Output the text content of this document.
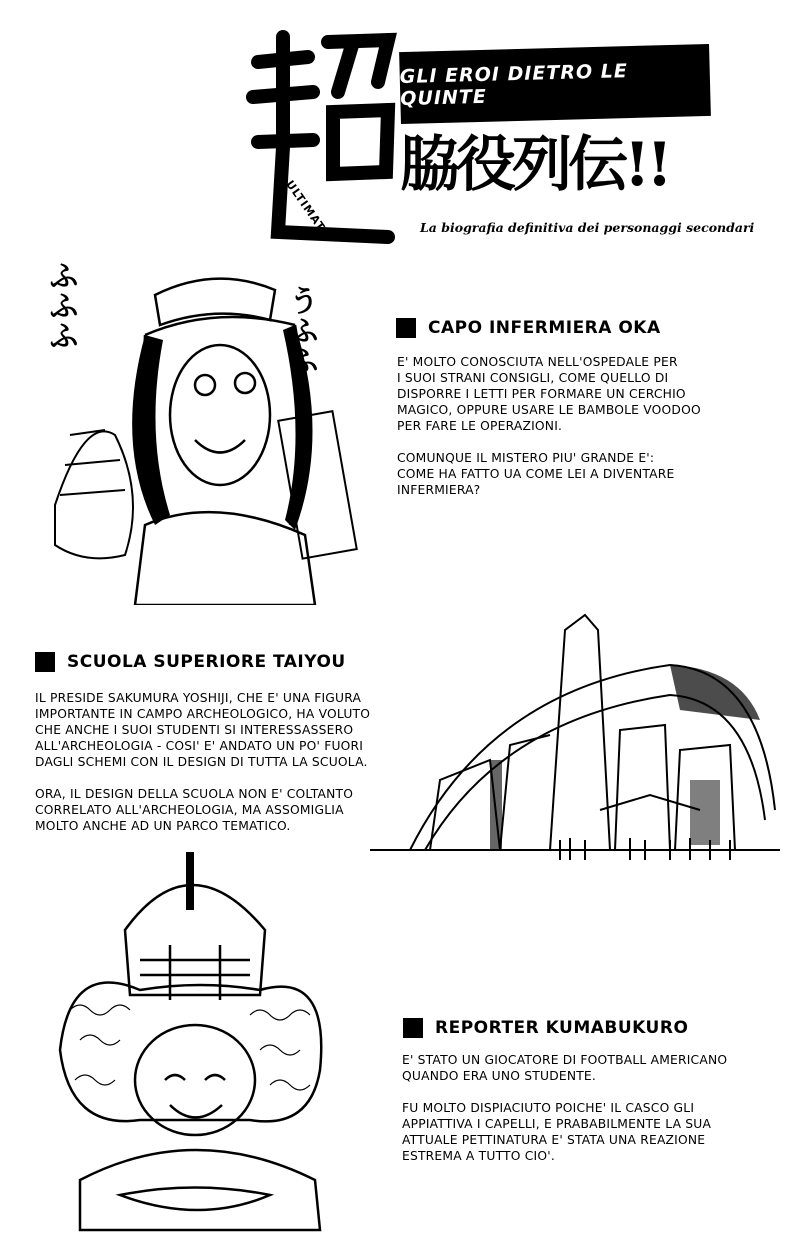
GLI EROI DIETRO LE QUINTE
脇役列伝!!
ULTIMATE	La biografia definitiva dei personaggi secondari
ふふふ	うふふ	CAPO INFERMIERA OKA

E' MOLTO CONOSCIUTA NELL'OSPEDALE PER

I SUOI STRANI CONSIGLI, COME QUELLO DI

DISPORRE I LETTI PER FORMARE UN CERCHIO

MAGICO, OPPURE USARE LE BAMBOLE VOODOO

PER FARE LE OPERAZIONI.

COMUNQUE IL MISTERO PIU' GRANDE E':

COME HA FATTO UA COME LEI A DIVENTARE

INFERMIERA?

SCUOLA SUPERIORE TAIYOU

IL PRESIDE SAKUMURA YOSHIJI, CHE E' UNA FIGURA

IMPORTANTE IN CAMPO ARCHEOLOGICO, HA VOLUTO

CHE ANCHE I SUOI STUDENTI SI INTERESSASSERO

ALL'ARCHEOLOGIA - COSI' E' ANDATO UN PO' FUORI

DAGLI SCHEMI CON IL DESIGN DI TUTTA LA SCUOLA.

ORA, IL DESIGN DELLA SCUOLA NON E' COLTANTO

CORRELATO ALL'ARCHEOLOGIA, MA ASSOMIGLIA

MOLTO ANCHE AD UN PARCO TEMATICO.

REPORTER KUMABUKURO

E' STATO UN GIOCATORE DI FOOTBALL AMERICANO

QUANDO ERA UNO STUDENTE.

FU MOLTO DISPIACIUTO POICHE' IL CASCO GLI

APPIATTIVA I CAPELLI, E PRABABILMENTE LA SUA

ATTUALE PETTINATURA E' STATA UNA REAZIONE

ESTREMA A TUTTO CIO'.
